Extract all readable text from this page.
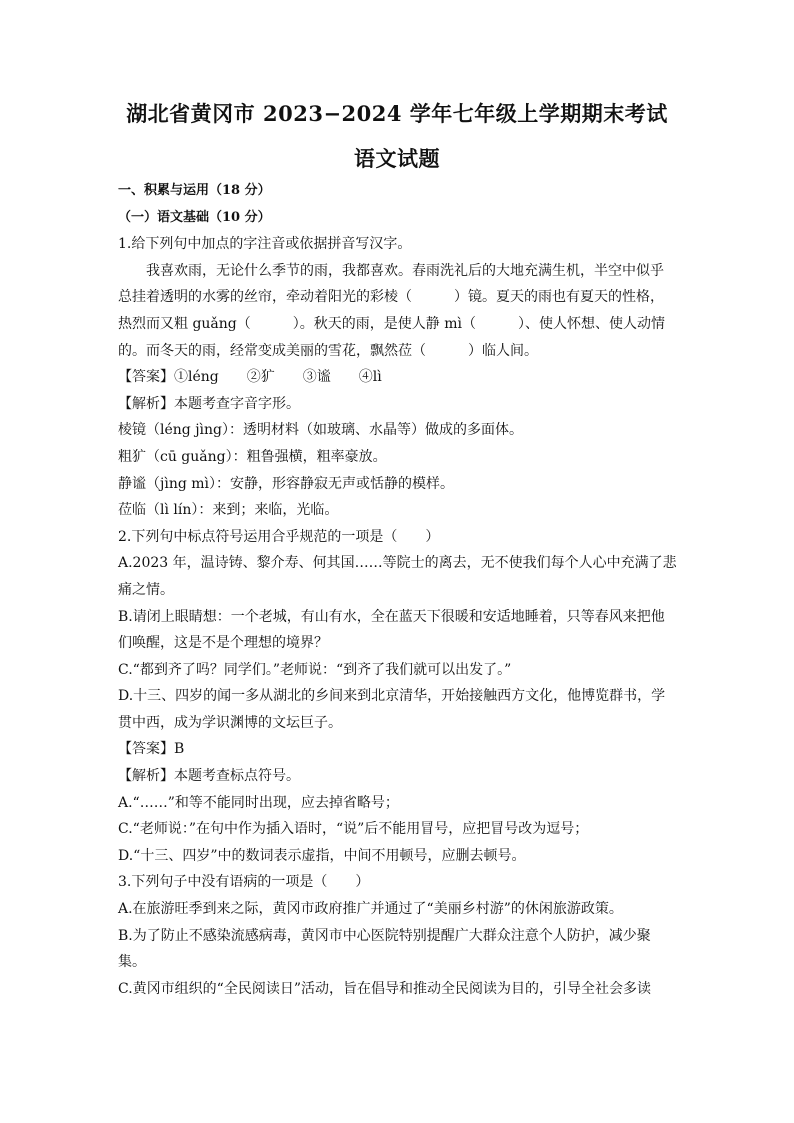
湖北省黄冈市 2023−2024 学年七年级上学期期末考试
语文试题

一、积累与运用（18 分）

（一）语文基础（10 分）

1.给下列句中加点的字注音或依据拼音写汉字。

我喜欢雨，无论什么季节的雨，我都喜欢。春雨洗礼后的大地充满生机，半空中似乎

总挂着透明的水雾的丝帘，牵动着阳光的彩棱（　　　）镜。夏天的雨也有夏天的性格，

热烈而又粗 guǎng（　　　）。秋天的雨，是使人静 mì（　　　）、使人怀想、使人动情

的。而冬天的雨，经常变成美丽的雪花，飘然莅（　　　）临人间。

【答案】①léng　　②犷　　③谧　　④lì

【解析】本题考查字音字形。

棱镜（léng jìng）：透明材料（如玻璃、水晶等）做成的多面体。

粗犷（cū guǎng）：粗鲁强横，粗率豪放。

静谧（jìng mì）：安静，形容静寂无声或恬静的模样。

莅临（lì lín）：来到；来临，光临。

2.下列句中标点符号运用合乎规范的一项是（　　）

A.2023 年，温诗铸、黎介寿、何其国……等院士的离去，无不使我们每个人心中充满了悲

痛之情。

B.请闭上眼睛想：一个老城，有山有水，全在蓝天下很暖和安适地睡着，只等春风来把他

们唤醒，这是不是个理想的境界？

C.“都到齐了吗？同学们。”老师说：“到齐了我们就可以出发了。”

D.十三、四岁的闻一多从湖北的乡间来到北京清华，开始接触西方文化，他博览群书，学

贯中西，成为学识渊博的文坛巨子。

【答案】B

【解析】本题考查标点符号。

A.“……”和等不能同时出现，应去掉省略号；

C.“老师说：”在句中作为插入语时，“说”后不能用冒号，应把冒号改为逗号；

D.“十三、四岁”中的数词表示虚指，中间不用顿号，应删去顿号。

3.下列句子中没有语病的一项是（　　）

A.在旅游旺季到来之际，黄冈市政府推广并通过了“美丽乡村游”的休闲旅游政策。

B.为了防止不感染流感病毒，黄冈市中心医院特别提醒广大群众注意个人防护，减少聚

集。

C.黄冈市组织的“全民阅读日”活动，旨在倡导和推动全民阅读为目的，引导全社会多读
